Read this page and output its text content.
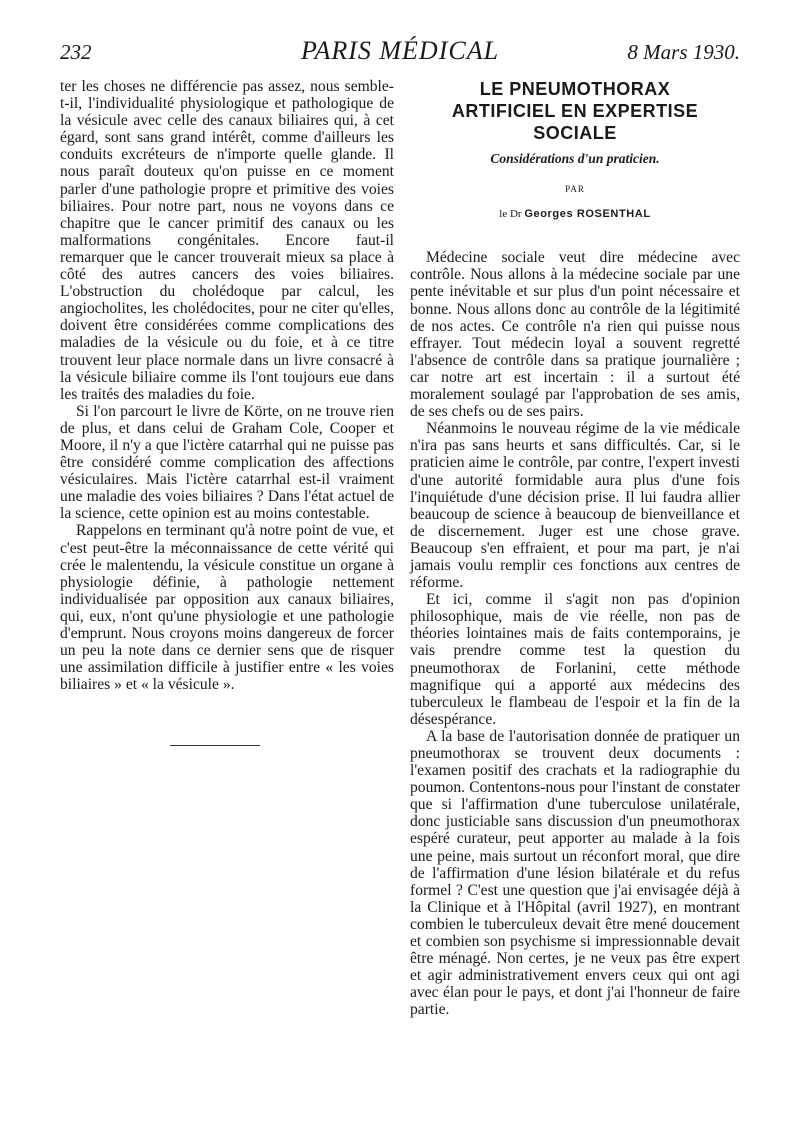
232	PARIS MÉDICAL	8 Mars 1930.

ter les choses ne différencie pas assez, nous semble-t-il, l'individualité physiologique et pathologique de la vésicule avec celle des canaux biliaires qui, à cet égard, sont sans grand intérêt, comme d'ailleurs les conduits excréteurs de n'importe quelle glande. Il nous paraît douteux qu'on puisse en ce moment parler d'une pathologie propre et primitive des voies biliaires. Pour notre part, nous ne voyons dans ce chapitre que le cancer primitif des canaux ou les malformations congénitales. Encore faut-il remarquer que le cancer trouverait mieux sa place à côté des autres cancers des voies biliaires. L'obstruction du cholédoque par calcul, les angiocholites, les cholédocites, pour ne citer qu'elles, doivent être considérées comme complications des maladies de la vésicule ou du foie, et à ce titre trouvent leur place normale dans un livre consacré à la vésicule biliaire comme ils l'ont toujours eue dans les traités des maladies du foie.

Si l'on parcourt le livre de Körte, on ne trouve rien de plus, et dans celui de Graham Cole, Cooper et Moore, il n'y a que l'ictère catarrhal qui ne puisse pas être considéré comme complication des affections vésiculaires. Mais l'ictère catarrhal est-il vraiment une maladie des voies biliaires ? Dans l'état actuel de la science, cette opinion est au moins contestable.

Rappelons en terminant qu'à notre point de vue, et c'est peut-être la méconnaissance de cette vérité qui crée le malentendu, la vésicule constitue un organe à physiologie définie, à pathologie nettement individualisée par opposition aux canaux biliaires, qui, eux, n'ont qu'une physiologie et une pathologie d'emprunt. Nous croyons moins dangereux de forcer un peu la note dans ce dernier sens que de risquer une assimilation difficile à justifier entre « les voies biliaires » et « la vésicule ».

LE PNEUMOTHORAX
ARTIFICIEL EN EXPERTISE
SOCIALE
Considérations d'un praticien.
PAR
le Dr Georges ROSENTHAL

Médecine sociale veut dire médecine avec contrôle. Nous allons à la médecine sociale par une pente inévitable et sur plus d'un point nécessaire et bonne. Nous allons donc au contrôle de la légitimité de nos actes. Ce contrôle n'a rien qui puisse nous effrayer. Tout médecin loyal a souvent regretté l'absence de contrôle dans sa pratique journalière ; car notre art est incertain : il a surtout été moralement soulagé par l'approbation de ses amis, de ses chefs ou de ses pairs.

Néanmoins le nouveau régime de la vie médicale n'ira pas sans heurts et sans difficultés. Car, si le praticien aime le contrôle, par contre, l'expert investi d'une autorité formidable aura plus d'une fois l'inquiétude d'une décision prise. Il lui faudra allier beaucoup de science à beaucoup de bienveillance et de discernement. Juger est une chose grave. Beaucoup s'en effraient, et pour ma part, je n'ai jamais voulu remplir ces fonctions aux centres de réforme.

Et ici, comme il s'agit non pas d'opinion philosophique, mais de vie réelle, non pas de théories lointaines mais de faits contemporains, je vais prendre comme test la question du pneumothorax de Forlanini, cette méthode magnifique qui a apporté aux médecins des tuberculeux le flambeau de l'espoir et la fin de la désespérance.

A la base de l'autorisation donnée de pratiquer un pneumothorax se trouvent deux documents : l'examen positif des crachats et la radiographie du poumon. Contentons-nous pour l'instant de constater que si l'affirmation d'une tuberculose unilatérale, donc justiciable sans discussion d'un pneumothorax espéré curateur, peut apporter au malade à la fois une peine, mais surtout un réconfort moral, que dire de l'affirmation d'une lésion bilatérale et du refus formel ? C'est une question que j'ai envisagée déjà à la Clinique et à l'Hôpital (avril 1927), en montrant combien le tuberculeux devait être mené doucement et combien son psychisme si impressionnable devait être ménagé. Non certes, je ne veux pas être expert et agir administrativement envers ceux qui ont agi avec élan pour le pays, et dont j'ai l'honneur de faire partie.
